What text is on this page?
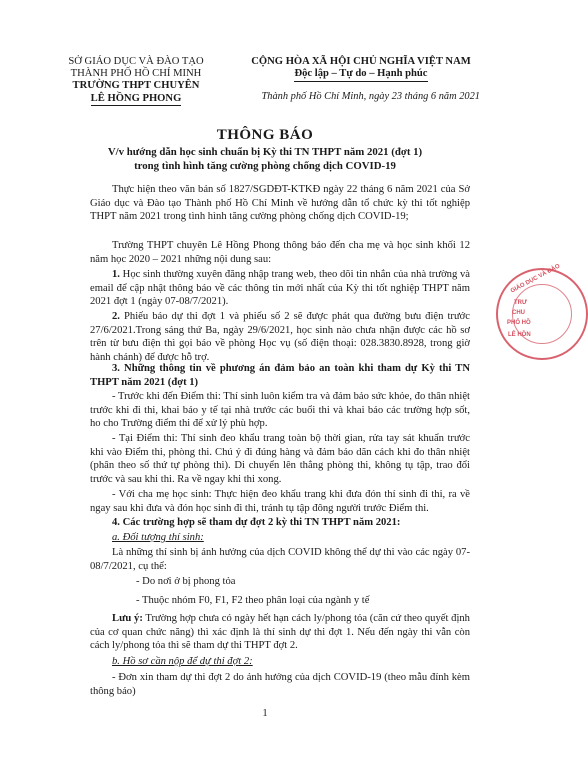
SỞ GIÁO DỤC VÀ ĐÀO TẠO
THÀNH PHỐ HỒ CHÍ MINH
TRƯỜNG THPT CHUYÊN
LÊ HỒNG PHONG
CỘNG HÒA XÃ HỘI CHỦ NGHĨA VIỆT NAM
Độc lập – Tự do – Hạnh phúc
Thành phố Hồ Chí Minh, ngày 23 tháng 6 năm 2021
THÔNG BÁO
V/v hướng dẫn học sinh chuẩn bị Kỳ thi TN THPT năm 2021 (đợt 1)
trong tình hình tăng cường phòng chống dịch COVID-19
Thực hiện theo văn bản số 1827/SGDĐT-KTKĐ ngày 22 tháng 6 năm 2021 của Sở Giáo dục và Đào tạo Thành phố Hồ Chí Minh về hướng dẫn tổ chức kỳ thi tốt nghiệp THPT năm 2021 trong tình hình tăng cường phòng chống dịch COVID-19;
Trường THPT chuyên Lê Hồng Phong thông báo đến cha mẹ và học sinh khối 12 năm học 2020 – 2021 những nội dung sau:
1. Học sinh thường xuyên đăng nhập trang web, theo dõi tin nhắn của nhà trường và email để cập nhật thông báo về các thông tin mới nhất của Kỳ thi tốt nghiệp THPT năm 2021 đợt 1 (ngày 07-08/7/2021).
2. Phiếu báo dự thi đợt 1 và phiếu số 2 sẽ được phát qua đường bưu điện trước 27/6/2021.Trong sáng thứ Ba, ngày 29/6/2021, học sinh nào chưa nhận được các hồ sơ trên từ bưu điện thì gọi báo về phòng Học vụ (số điện thoại: 028.3830.8928, trong giờ hành chánh) để được hỗ trợ.
3. Những thông tin về phương án đảm bảo an toàn khi tham dự Kỳ thi TN THPT năm 2021 (đợt 1)
- Trước khi đến Điểm thi: Thí sinh luôn kiểm tra và đảm bảo sức khỏe, đo thân nhiệt trước khi đi thi, khai báo y tế tại nhà trước các buổi thi và khai báo các trường hợp sốt, ho cho Trường điểm thi để xử lý phù hợp.
- Tại Điểm thi: Thí sinh đeo khẩu trang toàn bộ thời gian, rửa tay sát khuẩn trước khi vào Điểm thi, phòng thi. Chú ý đi đúng hàng và đảm bảo dãn cách khi đo thân nhiệt (phân theo số thứ tự phòng thi). Di chuyển lên thẳng phòng thi, không tụ tập, trao đổi trước và sau khi thi. Ra về ngay khi thi xong.
- Với cha mẹ học sinh: Thực hiện đeo khẩu trang khi đưa đón thí sinh đi thi, ra về ngay sau khi đưa và đón học sinh đi thi, tránh tụ tập đông người trước Điểm thi.
4. Các trường hợp sẽ tham dự đợt 2 kỳ thi TN THPT năm 2021:
a. Đối tượng thí sinh:
Là những thí sinh bị ảnh hưởng của dịch COVID không thể dự thi vào các ngày 07-08/7/2021, cụ thể:
- Do nơi ở bị phong tỏa
- Thuộc nhóm F0, F1, F2 theo phân loại của ngành y tế
Lưu ý: Trường hợp chưa có ngày hết hạn cách ly/phong tỏa (căn cứ theo quyết định của cơ quan chức năng) thì xác định là thí sinh dự thi đợt 1. Nếu đến ngày thi vẫn còn cách ly/phong tỏa thì sẽ tham dự thi THPT đợt 2.
b. Hồ sơ cần nộp để dự thi đợt 2:
- Đơn xin tham dự thi đợt 2 do ảnh hưởng của dịch COVID-19 (theo mẫu đính kèm thông báo)
1
GIÁO DỤC VÀ ĐÀO
TRƯ
CHU
PHỐ HỒ
LÊ HỒN
